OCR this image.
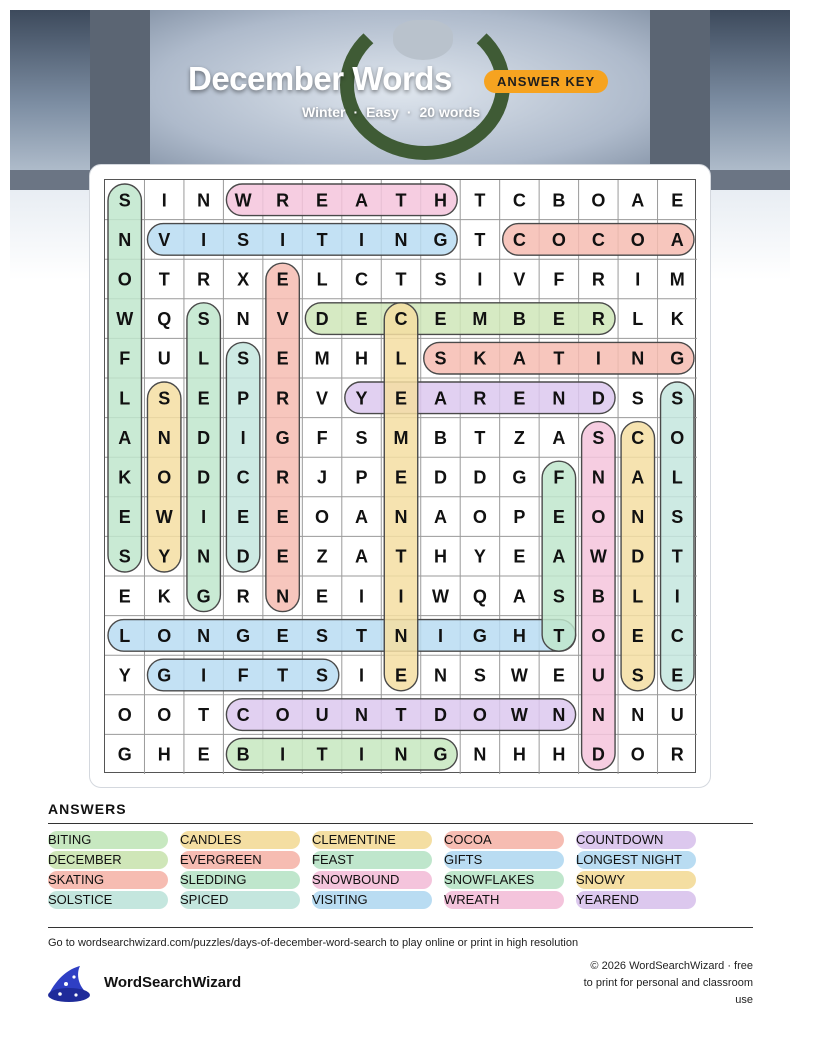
December Words	ANSWER KEY
Winter · Easy · 20 words
S I N W R E A T H T C B O A E
N V I S I T I N G T C O C O A
O T R X E L C T S I V F R I M
W Q S N V D E C E M B E R L K
F U L S E M H L S K A T I N G
L S E P R V Y E A R E N D S S
A N D I G F S M B T Z A S C O
K O D C R J P E D D G F N A L
E W I E E O A N A O P E O N S
S Y N D E Z A T H Y E A W D T
E K G R N E I I W Q A S B L I
L O N G E S T N I G H T O E C
Y G I F T S I E N S W E U S E
O O T C O U N T D O W N N N U
G H E B I T I N G N H H D O R
ANSWERS
BITING	CANDLES	CLEMENTINE	COCOA	COUNTDOWN
DECEMBER	EVERGREEN	FEAST	GIFTS	LONGEST NIGHT
SKATING	SLEDDING	SNOWBOUND	SNOWFLAKES	SNOWY
SOLSTICE	SPICED	VISITING	WREATH	YEAREND
Go to wordsearchwizard.com/puzzles/days-of-december-word-search to play online or print in high resolution
WordSearchWizard
© 2026 WordSearchWizard · free to print for personal and classroom use
